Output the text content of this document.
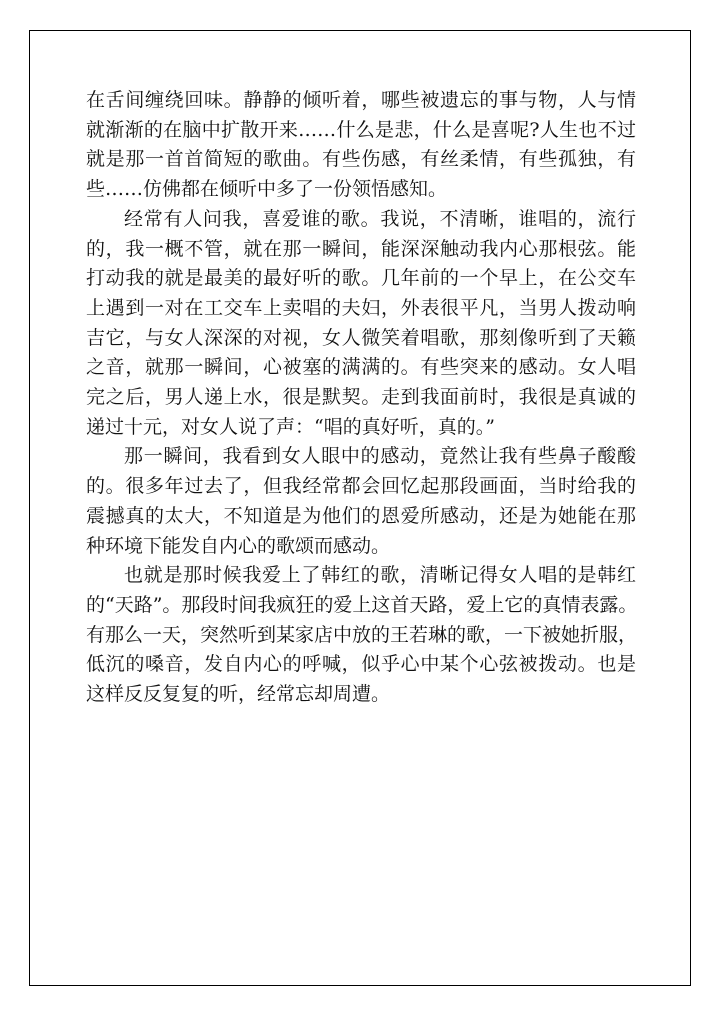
在舌间缠绕回味。静静的倾听着，哪些被遗忘的事与物，人与情
就渐渐的在脑中扩散开来……什么是悲，什么是喜呢?人生也不过
就是那一首首简短的歌曲。有些伤感，有丝柔情，有些孤独，有
些……仿佛都在倾听中多了一份领悟感知。
经常有人问我，喜爱谁的歌。我说，不清晰，谁唱的，流行
的，我一概不管，就在那一瞬间，能深深触动我内心那根弦。能
打动我的就是最美的最好听的歌。几年前的一个早上，在公交车
上遇到一对在工交车上卖唱的夫妇，外表很平凡，当男人拨动响
吉它，与女人深深的对视，女人微笑着唱歌，那刻像听到了天籁
之音，就那一瞬间，心被塞的满满的。有些突来的感动。女人唱
完之后，男人递上水，很是默契。走到我面前时，我很是真诚的
递过十元，对女人说了声：“唱的真好听，真的。”
那一瞬间，我看到女人眼中的感动，竟然让我有些鼻子酸酸
的。很多年过去了，但我经常都会回忆起那段画面，当时给我的
震撼真的太大，不知道是为他们的恩爱所感动，还是为她能在那
种环境下能发自内心的歌颂而感动。
也就是那时候我爱上了韩红的歌，清晰记得女人唱的是韩红
的“天路”。那段时间我疯狂的爱上这首天路，爱上它的真情表露。
有那么一天，突然听到某家店中放的王若琳的歌，一下被她折服，
低沉的嗓音，发自内心的呼喊，似乎心中某个心弦被拨动。也是
这样反反复复的听，经常忘却周遭。
